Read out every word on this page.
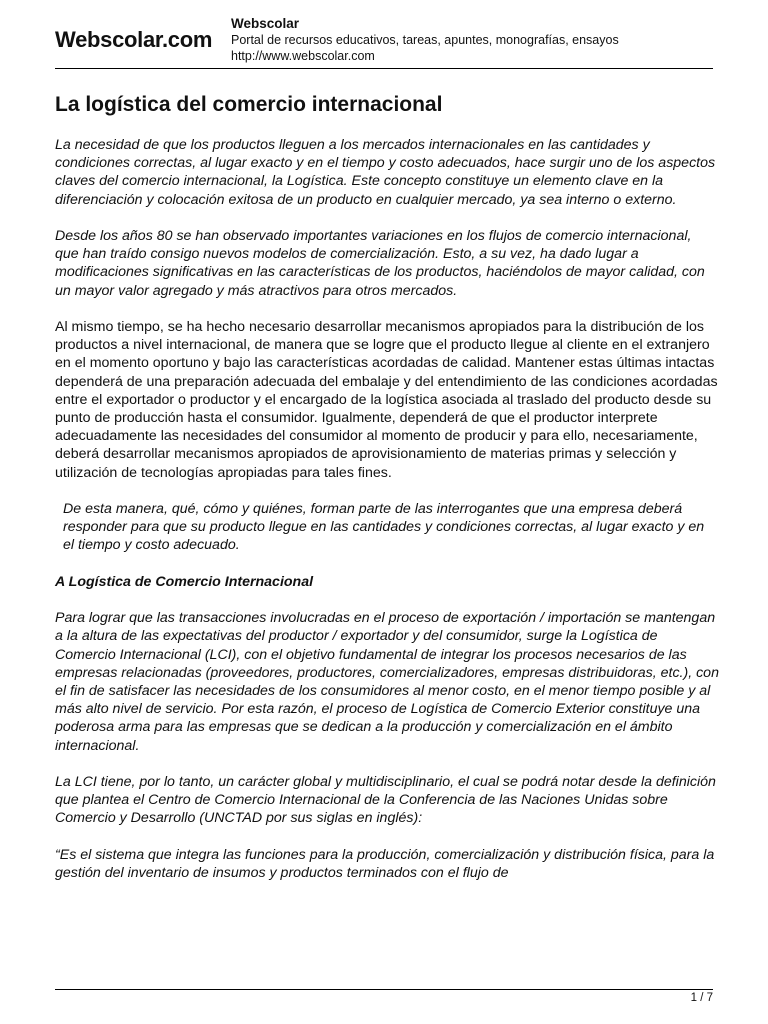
Webscolar.com
Webscolar
Portal de recursos educativos, tareas, apuntes, monografías, ensayos
http://www.webscolar.com
La logística del comercio internacional

La necesidad de que los productos lleguen a los mercados internacionales en las cantidades y condiciones correctas, al lugar exacto y en el tiempo y costo adecuados, hace surgir uno de los aspectos claves del comercio internacional, la Logística. Este concepto constituye un elemento clave en la diferenciación y colocación exitosa de un producto en cualquier mercado, ya sea interno o externo.

Desde los años 80 se han observado importantes variaciones en los flujos de comercio internacional, que han traído consigo nuevos modelos de comercialización. Esto, a su vez, ha dado lugar a modificaciones significativas en las características de los productos, haciéndolos de mayor calidad, con un mayor valor agregado y más atractivos para otros mercados.

Al mismo tiempo, se ha hecho necesario desarrollar mecanismos apropiados para la distribución de los productos a nivel internacional, de manera que se logre que el producto llegue al cliente en el extranjero en el momento oportuno y bajo las características acordadas de calidad. Mantener estas últimas intactas dependerá de una preparación adecuada del embalaje y del entendimiento de las condiciones acordadas entre el exportador o productor y el encargado de la logística asociada al traslado del producto desde su punto de producción hasta el consumidor. Igualmente, dependerá de que el productor interprete adecuadamente las necesidades del consumidor al momento de producir y para ello, necesariamente, deberá desarrollar mecanismos apropiados de aprovisionamiento de materias primas y selección y utilización de tecnologías apropiadas para tales fines.

De esta manera, qué, cómo y quiénes, forman parte de las interrogantes que una empresa deberá responder para que su producto llegue en las cantidades y condiciones correctas, al lugar exacto y en el tiempo y costo adecuado.

A Logística de Comercio Internacional

Para lograr que las transacciones involucradas en el proceso de exportación / importación se mantengan a la altura de las expectativas del productor / exportador y del consumidor, surge la Logística de Comercio Internacional (LCI), con el objetivo fundamental de integrar los procesos necesarios de las empresas relacionadas (proveedores, productores, comercializadores, empresas distribuidoras, etc.), con el fin de satisfacer las necesidades de los consumidores al menor costo, en el menor tiempo posible y al más alto nivel de servicio. Por esta razón, el proceso de Logística de Comercio Exterior constituye una poderosa arma para las empresas que se dedican a la producción y comercialización en el ámbito internacional.

La LCI tiene, por lo tanto, un carácter global y multidisciplinario, el cual se podrá notar desde la definición que plantea el Centro de Comercio Internacional de la Conferencia de las Naciones Unidas sobre Comercio y Desarrollo (UNCTAD por sus siglas en inglés):

“Es el sistema que integra las funciones para la producción, comercialización y distribución física, para la gestión del inventario de insumos y productos terminados con el flujo de

1 / 7
